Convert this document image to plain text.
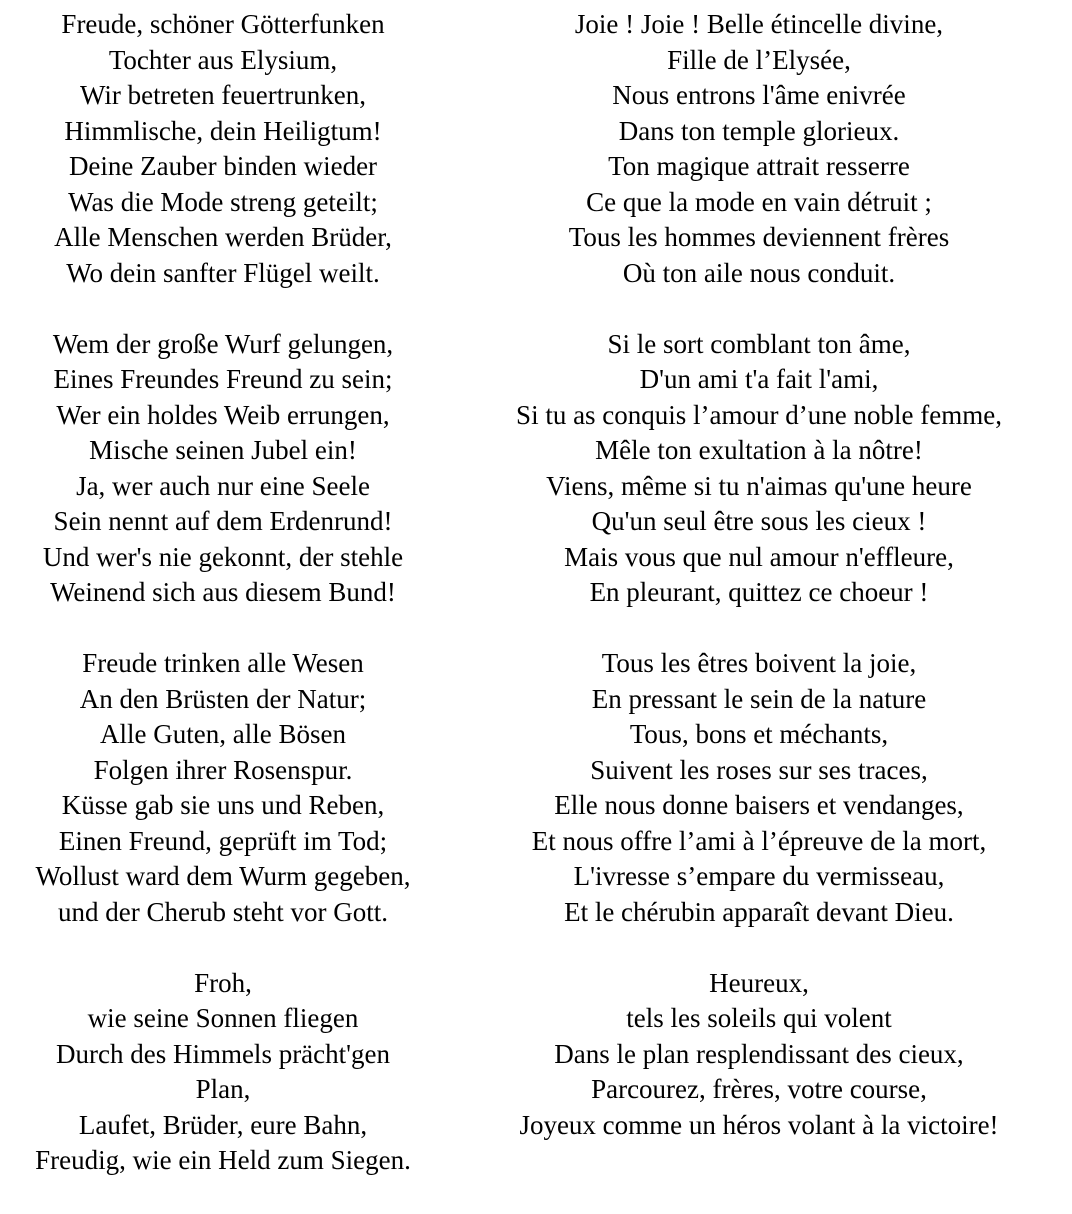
Freude, schöner Götterfunken
Tochter aus Elysium,
Wir betreten feuertrunken,
Himmlische, dein Heiligtum!
Deine Zauber binden wieder
Was die Mode streng geteilt;
Alle Menschen werden Brüder,
Wo dein sanfter Flügel weilt.
Wem der große Wurf gelungen,
Eines Freundes Freund zu sein;
Wer ein holdes Weib errungen,
Mische seinen Jubel ein!
Ja, wer auch nur eine Seele
Sein nennt auf dem Erdenrund!
Und wer's nie gekonnt, der stehle
Weinend sich aus diesem Bund!
Freude trinken alle Wesen
An den Brüsten der Natur;
Alle Guten, alle Bösen
Folgen ihrer Rosenspur.
Küsse gab sie uns und Reben,
Einen Freund, geprüft im Tod;
Wollust ward dem Wurm gegeben,
und der Cherub steht vor Gott.
Froh,
wie seine Sonnen fliegen
Durch des Himmels prächt'gen
Plan,
Laufet, Brüder, eure Bahn,
Freudig, wie ein Held zum Siegen.
Joie ! Joie ! Belle étincelle divine,
Fille de l’Elysée,
Nous entrons l'âme enivrée
Dans ton temple glorieux.
Ton magique attrait resserre
Ce que la mode en vain détruit ;
Tous les hommes deviennent frères
Où ton aile nous conduit.
Si le sort comblant ton âme,
D'un ami t'a fait l'ami,
Si tu as conquis l’amour d’une noble femme,
Mêle ton exultation à la nôtre!
Viens, même si tu n'aimas qu'une heure
Qu'un seul être sous les cieux !
Mais vous que nul amour n'effleure,
En pleurant, quittez ce choeur !
Tous les êtres boivent la joie,
En pressant le sein de la nature
Tous, bons et méchants,
Suivent les roses sur ses traces,
Elle nous donne baisers et vendanges,
Et nous offre l’ami à l’épreuve de la mort,
L'ivresse s’empare du vermisseau,
Et le chérubin apparaît devant Dieu.
Heureux,
tels les soleils qui volent
Dans le plan resplendissant des cieux,
Parcourez, frères, votre course,
Joyeux comme un héros volant à la victoire!
